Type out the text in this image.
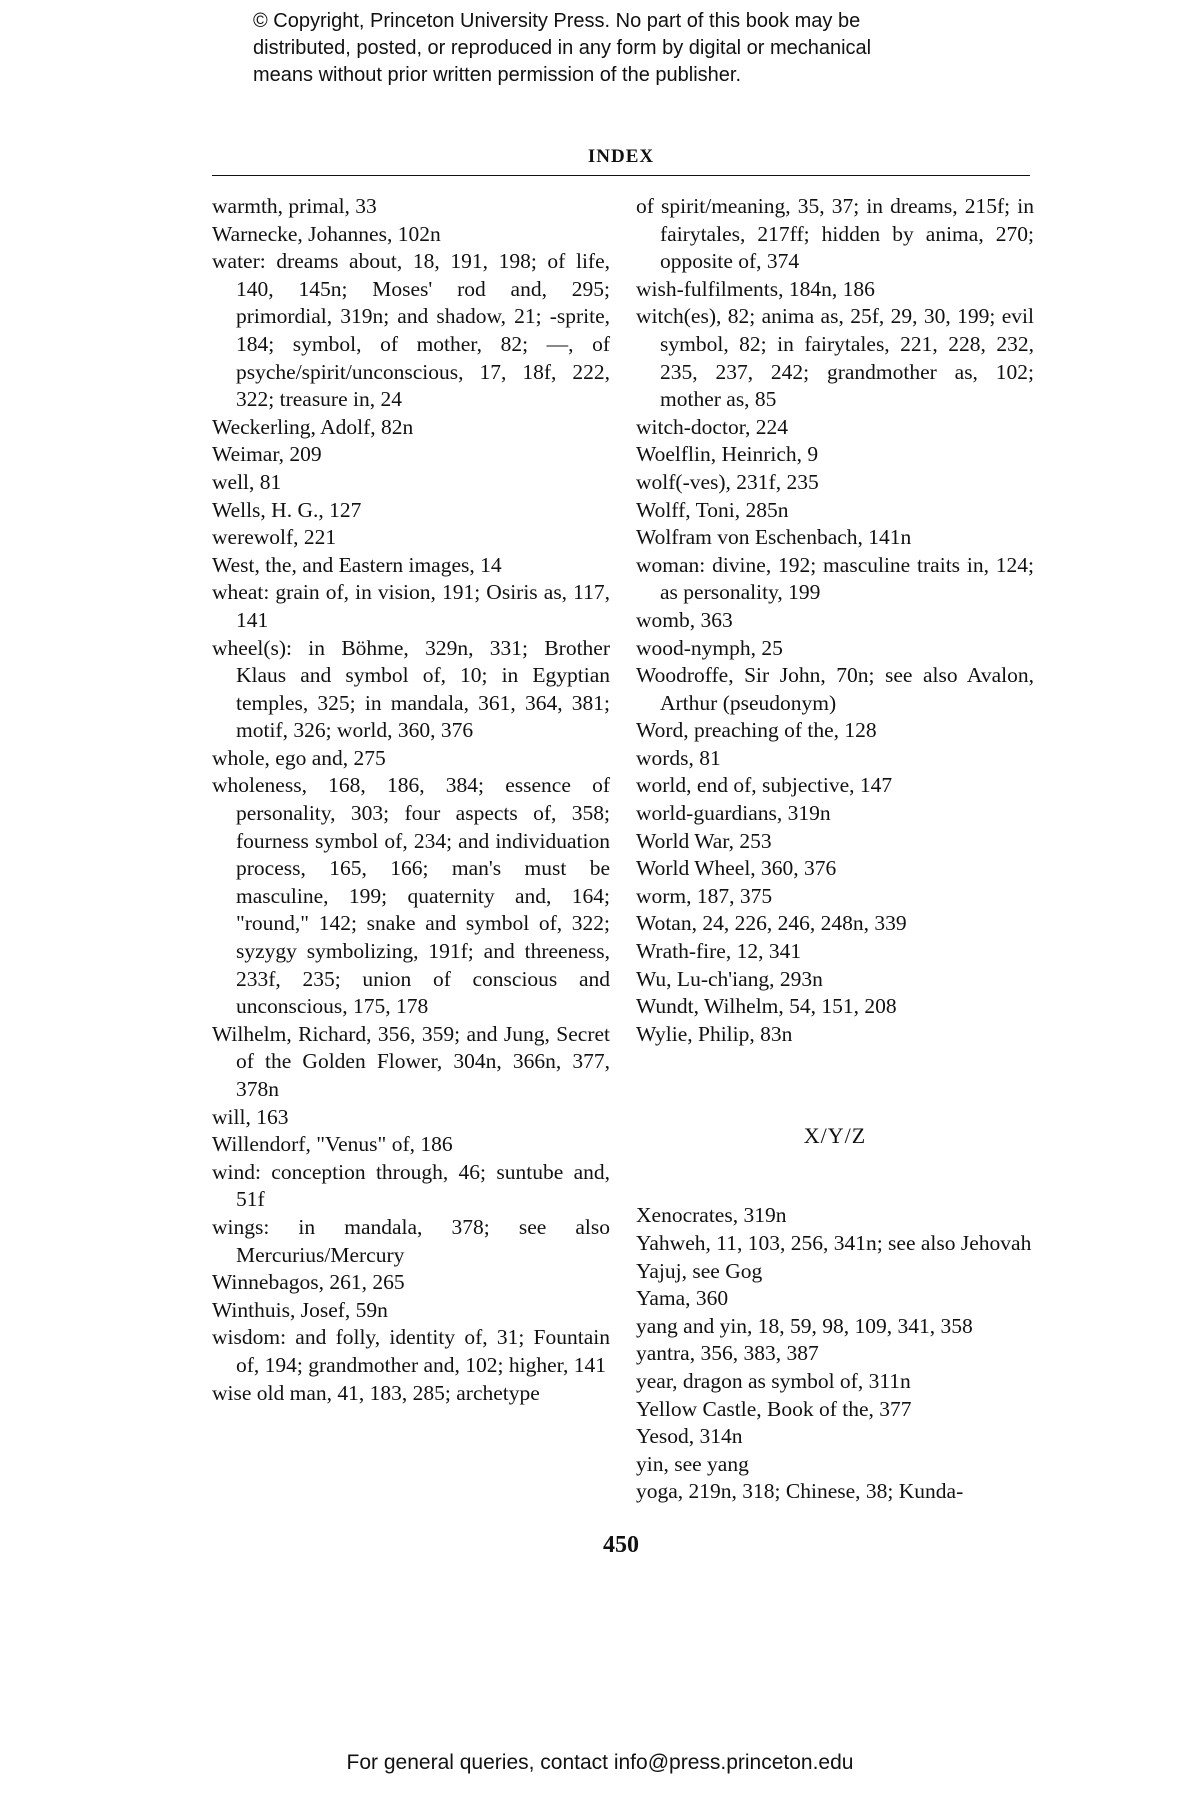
© Copyright, Princeton University Press. No part of this book may be
distributed, posted, or reproduced in any form by digital or mechanical
means without prior written permission of the publisher.
INDEX

warmth, primal, 33

Warnecke, Johannes, 102n

water: dreams about, 18, 191, 198; of life, 140, 145n; Moses' rod and, 295; primordial, 319n; and shadow, 21; -sprite, 184; symbol, of mother, 82; —, of psyche/spirit/unconscious, 17, 18f, 222, 322; treasure in, 24

Weckerling, Adolf, 82n

Weimar, 209

well, 81

Wells, H. G., 127

werewolf, 221

West, the, and Eastern images, 14

wheat: grain of, in vision, 191; Osiris as, 117, 141

wheel(s): in Böhme, 329n, 331; Brother Klaus and symbol of, 10; in Egyptian temples, 325; in mandala, 361, 364, 381; motif, 326; world, 360, 376

whole, ego and, 275

wholeness, 168, 186, 384; essence of personality, 303; four aspects of, 358; fourness symbol of, 234; and individuation process, 165, 166; man's must be masculine, 199; quaternity and, 164; "round," 142; snake and symbol of, 322; syzygy symbolizing, 191f; and threeness, 233f, 235; union of conscious and unconscious, 175, 178

Wilhelm, Richard, 356, 359; and Jung, Secret of the Golden Flower, 304n, 366n, 377, 378n

will, 163

Willendorf, "Venus" of, 186

wind: conception through, 46; suntube and, 51f

wings: in mandala, 378; see also Mercurius/Mercury

Winnebagos, 261, 265

Winthuis, Josef, 59n

wisdom: and folly, identity of, 31; Fountain of, 194; grandmother and, 102; higher, 141

wise old man, 41, 183, 285; archetype

of spirit/meaning, 35, 37; in dreams, 215f; in fairytales, 217ff; hidden by anima, 270; opposite of, 374

wish-fulfilments, 184n, 186

witch(es), 82; anima as, 25f, 29, 30, 199; evil symbol, 82; in fairytales, 221, 228, 232, 235, 237, 242; grandmother as, 102; mother as, 85

witch-doctor, 224

Woelflin, Heinrich, 9

wolf(-ves), 231f, 235

Wolff, Toni, 285n

Wolfram von Eschenbach, 141n

woman: divine, 192; masculine traits in, 124; as personality, 199

womb, 363

wood-nymph, 25

Woodroffe, Sir John, 70n; see also Avalon, Arthur (pseudonym)

Word, preaching of the, 128

words, 81

world, end of, subjective, 147

world-guardians, 319n

World War, 253

World Wheel, 360, 376

worm, 187, 375

Wotan, 24, 226, 246, 248n, 339

Wrath-fire, 12, 341

Wu, Lu-ch'iang, 293n

Wundt, Wilhelm, 54, 151, 208

Wylie, Philip, 83n

X/Y/Z

Xenocrates, 319n

Yahweh, 11, 103, 256, 341n; see also Jehovah

Yajuj, see Gog

Yama, 360

yang and yin, 18, 59, 98, 109, 341, 358

yantra, 356, 383, 387

year, dragon as symbol of, 311n

Yellow Castle, Book of the, 377

Yesod, 314n

yin, see yang

yoga, 219n, 318; Chinese, 38; Kunda-

450
For general queries, contact info@press.princeton.edu
